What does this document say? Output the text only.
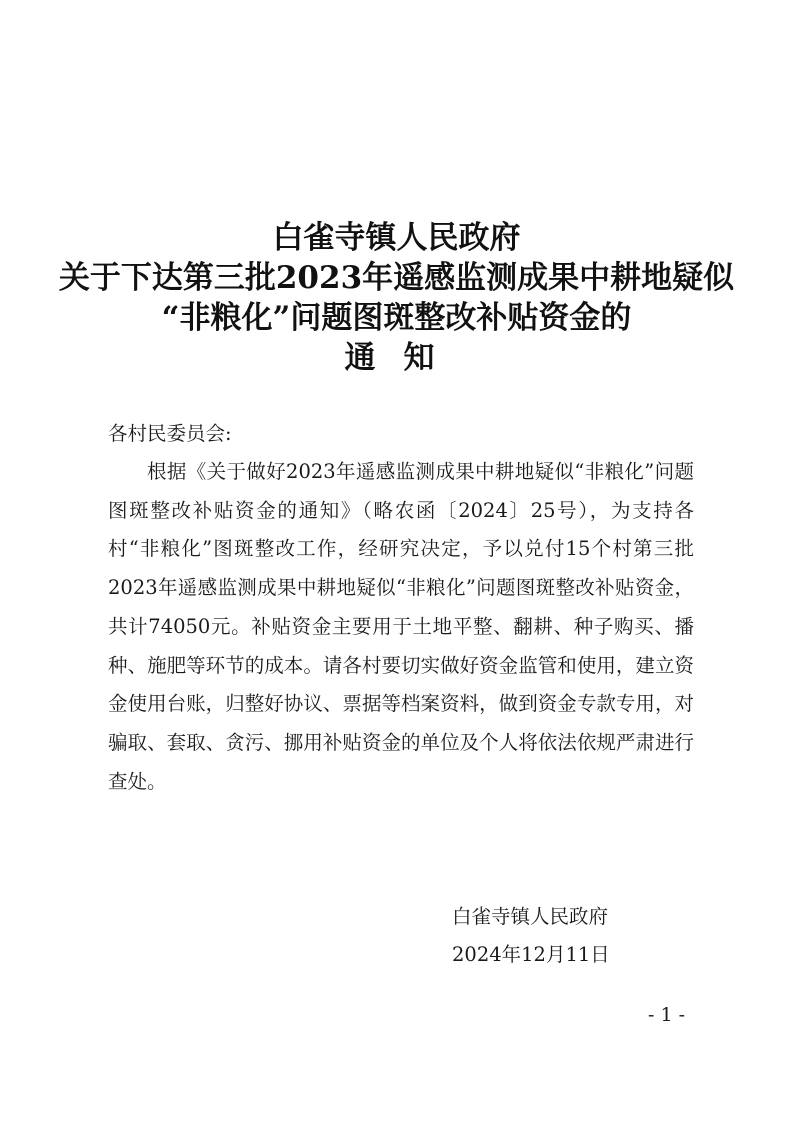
白雀寺镇人民政府
关于下达第三批2023年遥感监测成果中耕地疑似
“非粮化”问题图斑整改补贴资金的
通知
各村民委员会:

根据《关于做好2023年遥感监测成果中耕地疑似“非粮化”问题图斑整改补贴资金的通知》（略农函〔2024〕25号），为支持各村“非粮化”图斑整改工作，经研究决定，予以兑付15个村第三批2023年遥感监测成果中耕地疑似“非粮化”问题图斑整改补贴资金，共计74050元。补贴资金主要用于土地平整、翻耕、种子购买、播种、施肥等环节的成本。请各村要切实做好资金监管和使用，建立资金使用台账，归整好协议、票据等档案资料，做到资金专款专用，对骗取、套取、贪污、挪用补贴资金的单位及个人将依法依规严肃进行查处。

白雀寺镇人民政府
2024年12月11日
- 1 -
